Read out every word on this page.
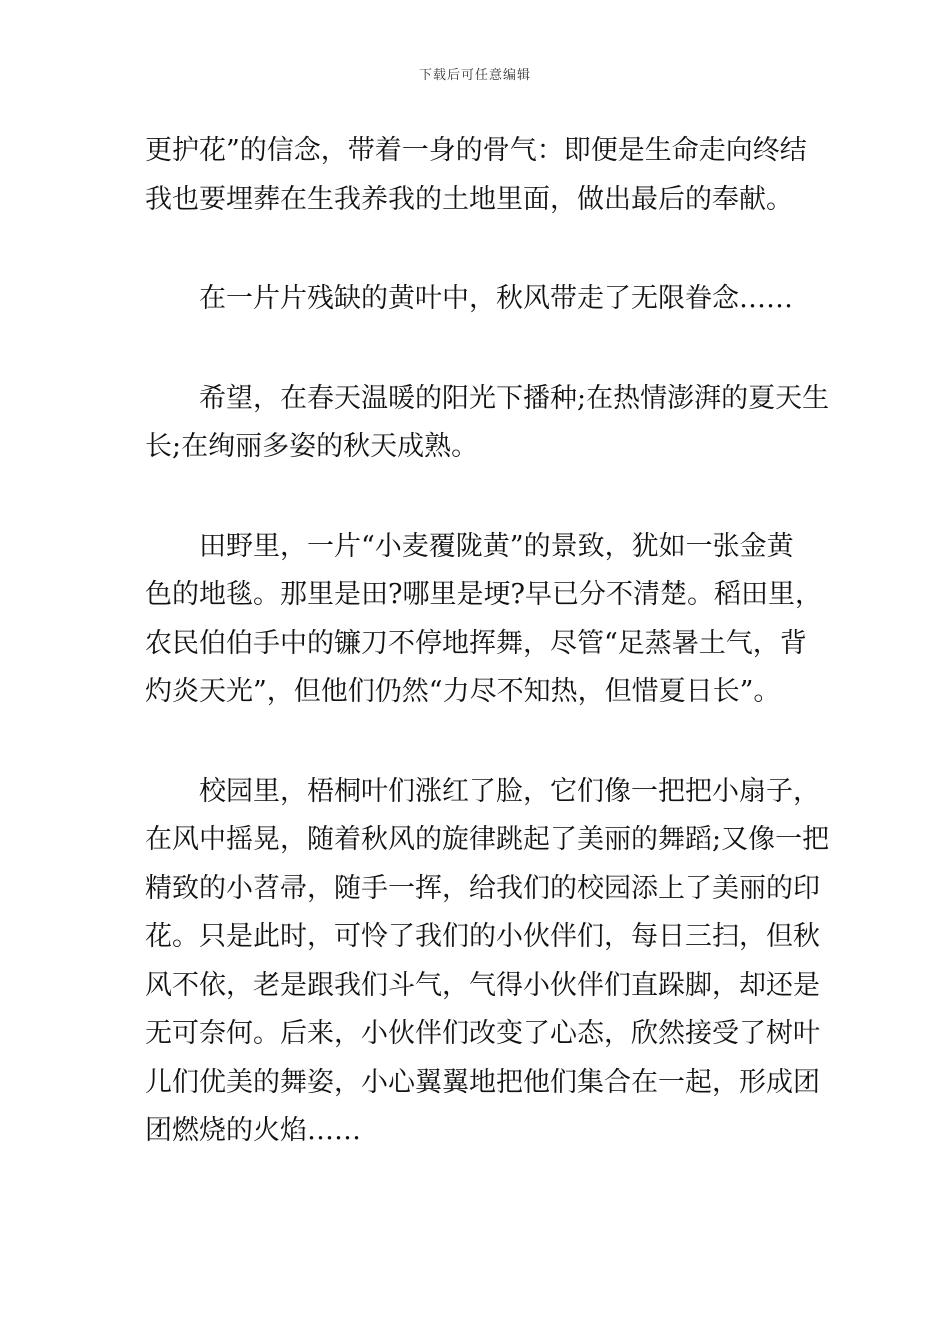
下载后可任意编辑
更护花”的信念，带着一身的骨气：即便是生命走向终结
我也要埋葬在生我养我的土地里面，做出最后的奉献。
在一片片残缺的黄叶中，秋风带走了无限眷念……
希望，在春天温暖的阳光下播种;在热情澎湃的夏天生
长;在绚丽多姿的秋天成熟。
田野里，一片“小麦覆陇黄”的景致，犹如一张金黄
色的地毯。那里是田?哪里是埂?早已分不清楚。稻田里，
农民伯伯手中的镰刀不停地挥舞，尽管“足蒸暑土气，背
灼炎天光”，但他们仍然“力尽不知热，但惜夏日长”。
校园里，梧桐叶们涨红了脸，它们像一把把小扇子，
在风中摇晃，随着秋风的旋律跳起了美丽的舞蹈;又像一把
精致的小苕帚，随手一挥，给我们的校园添上了美丽的印
花。只是此时，可怜了我们的小伙伴们，每日三扫，但秋
风不依，老是跟我们斗气，气得小伙伴们直跺脚，却还是
无可奈何。后来，小伙伴们改变了心态，欣然接受了树叶
儿们优美的舞姿，小心翼翼地把他们集合在一起，形成团
团燃烧的火焰……
